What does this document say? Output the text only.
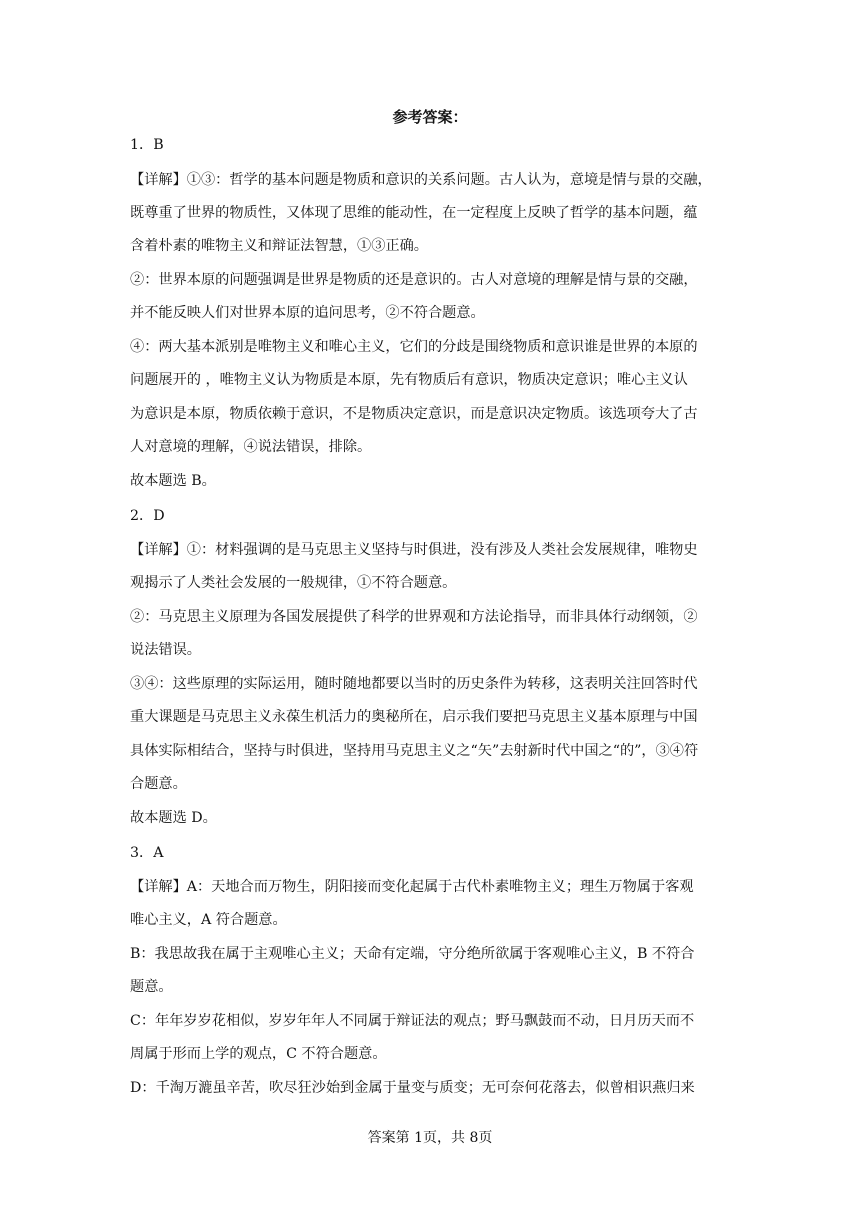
参考答案：
1．B
【详解】①③：哲学的基本问题是物质和意识的关系问题。古人认为，意境是情与景的交融，
既尊重了世界的物质性，又体现了思维的能动性，在一定程度上反映了哲学的基本问题，蕴
含着朴素的唯物主义和辩证法智慧，①③正确。
②：世界本原的问题强调是世界是物质的还是意识的。古人对意境的理解是情与景的交融，
并不能反映人们对世界本原的追问思考，②不符合题意。
④：两大基本派别是唯物主义和唯心主义，它们的分歧是围绕物质和意识谁是世界的本原的
问题展开的 ，唯物主义认为物质是本原，先有物质后有意识，物质决定意识；唯心主义认
为意识是本原，物质依赖于意识，不是物质决定意识，而是意识决定物质。该选项夸大了古
人对意境的理解，④说法错误，排除。
故本题选 B。
2．D
【详解】①：材料强调的是马克思主义坚持与时俱进，没有涉及人类社会发展规律，唯物史
观揭示了人类社会发展的一般规律，①不符合题意。
②：马克思主义原理为各国发展提供了科学的世界观和方法论指导，而非具体行动纲领，②
说法错误。
③④：这些原理的实际运用，随时随地都要以当时的历史条件为转移，这表明关注回答时代
重大课题是马克思主义永葆生机活力的奥秘所在，启示我们要把马克思主义基本原理与中国
具体实际相结合，坚持与时俱进，坚持用马克思主义之“矢”去射新时代中国之“的”，③④符
合题意。
故本题选 D。
3．A
【详解】A：天地合而万物生，阴阳接而变化起属于古代朴素唯物主义；理生万物属于客观
唯心主义，A 符合题意。
B：我思故我在属于主观唯心主义；天命有定端，守分绝所欲属于客观唯心主义，B 不符合
题意。
C：年年岁岁花相似，岁岁年年人不同属于辩证法的观点；野马飘鼓而不动，日月历天而不
周属于形而上学的观点，C 不符合题意。
D：千淘万漉虽辛苦，吹尽狂沙始到金属于量变与质变；无可奈何花落去，似曾相识燕归来
答案第 1页，共 8页
